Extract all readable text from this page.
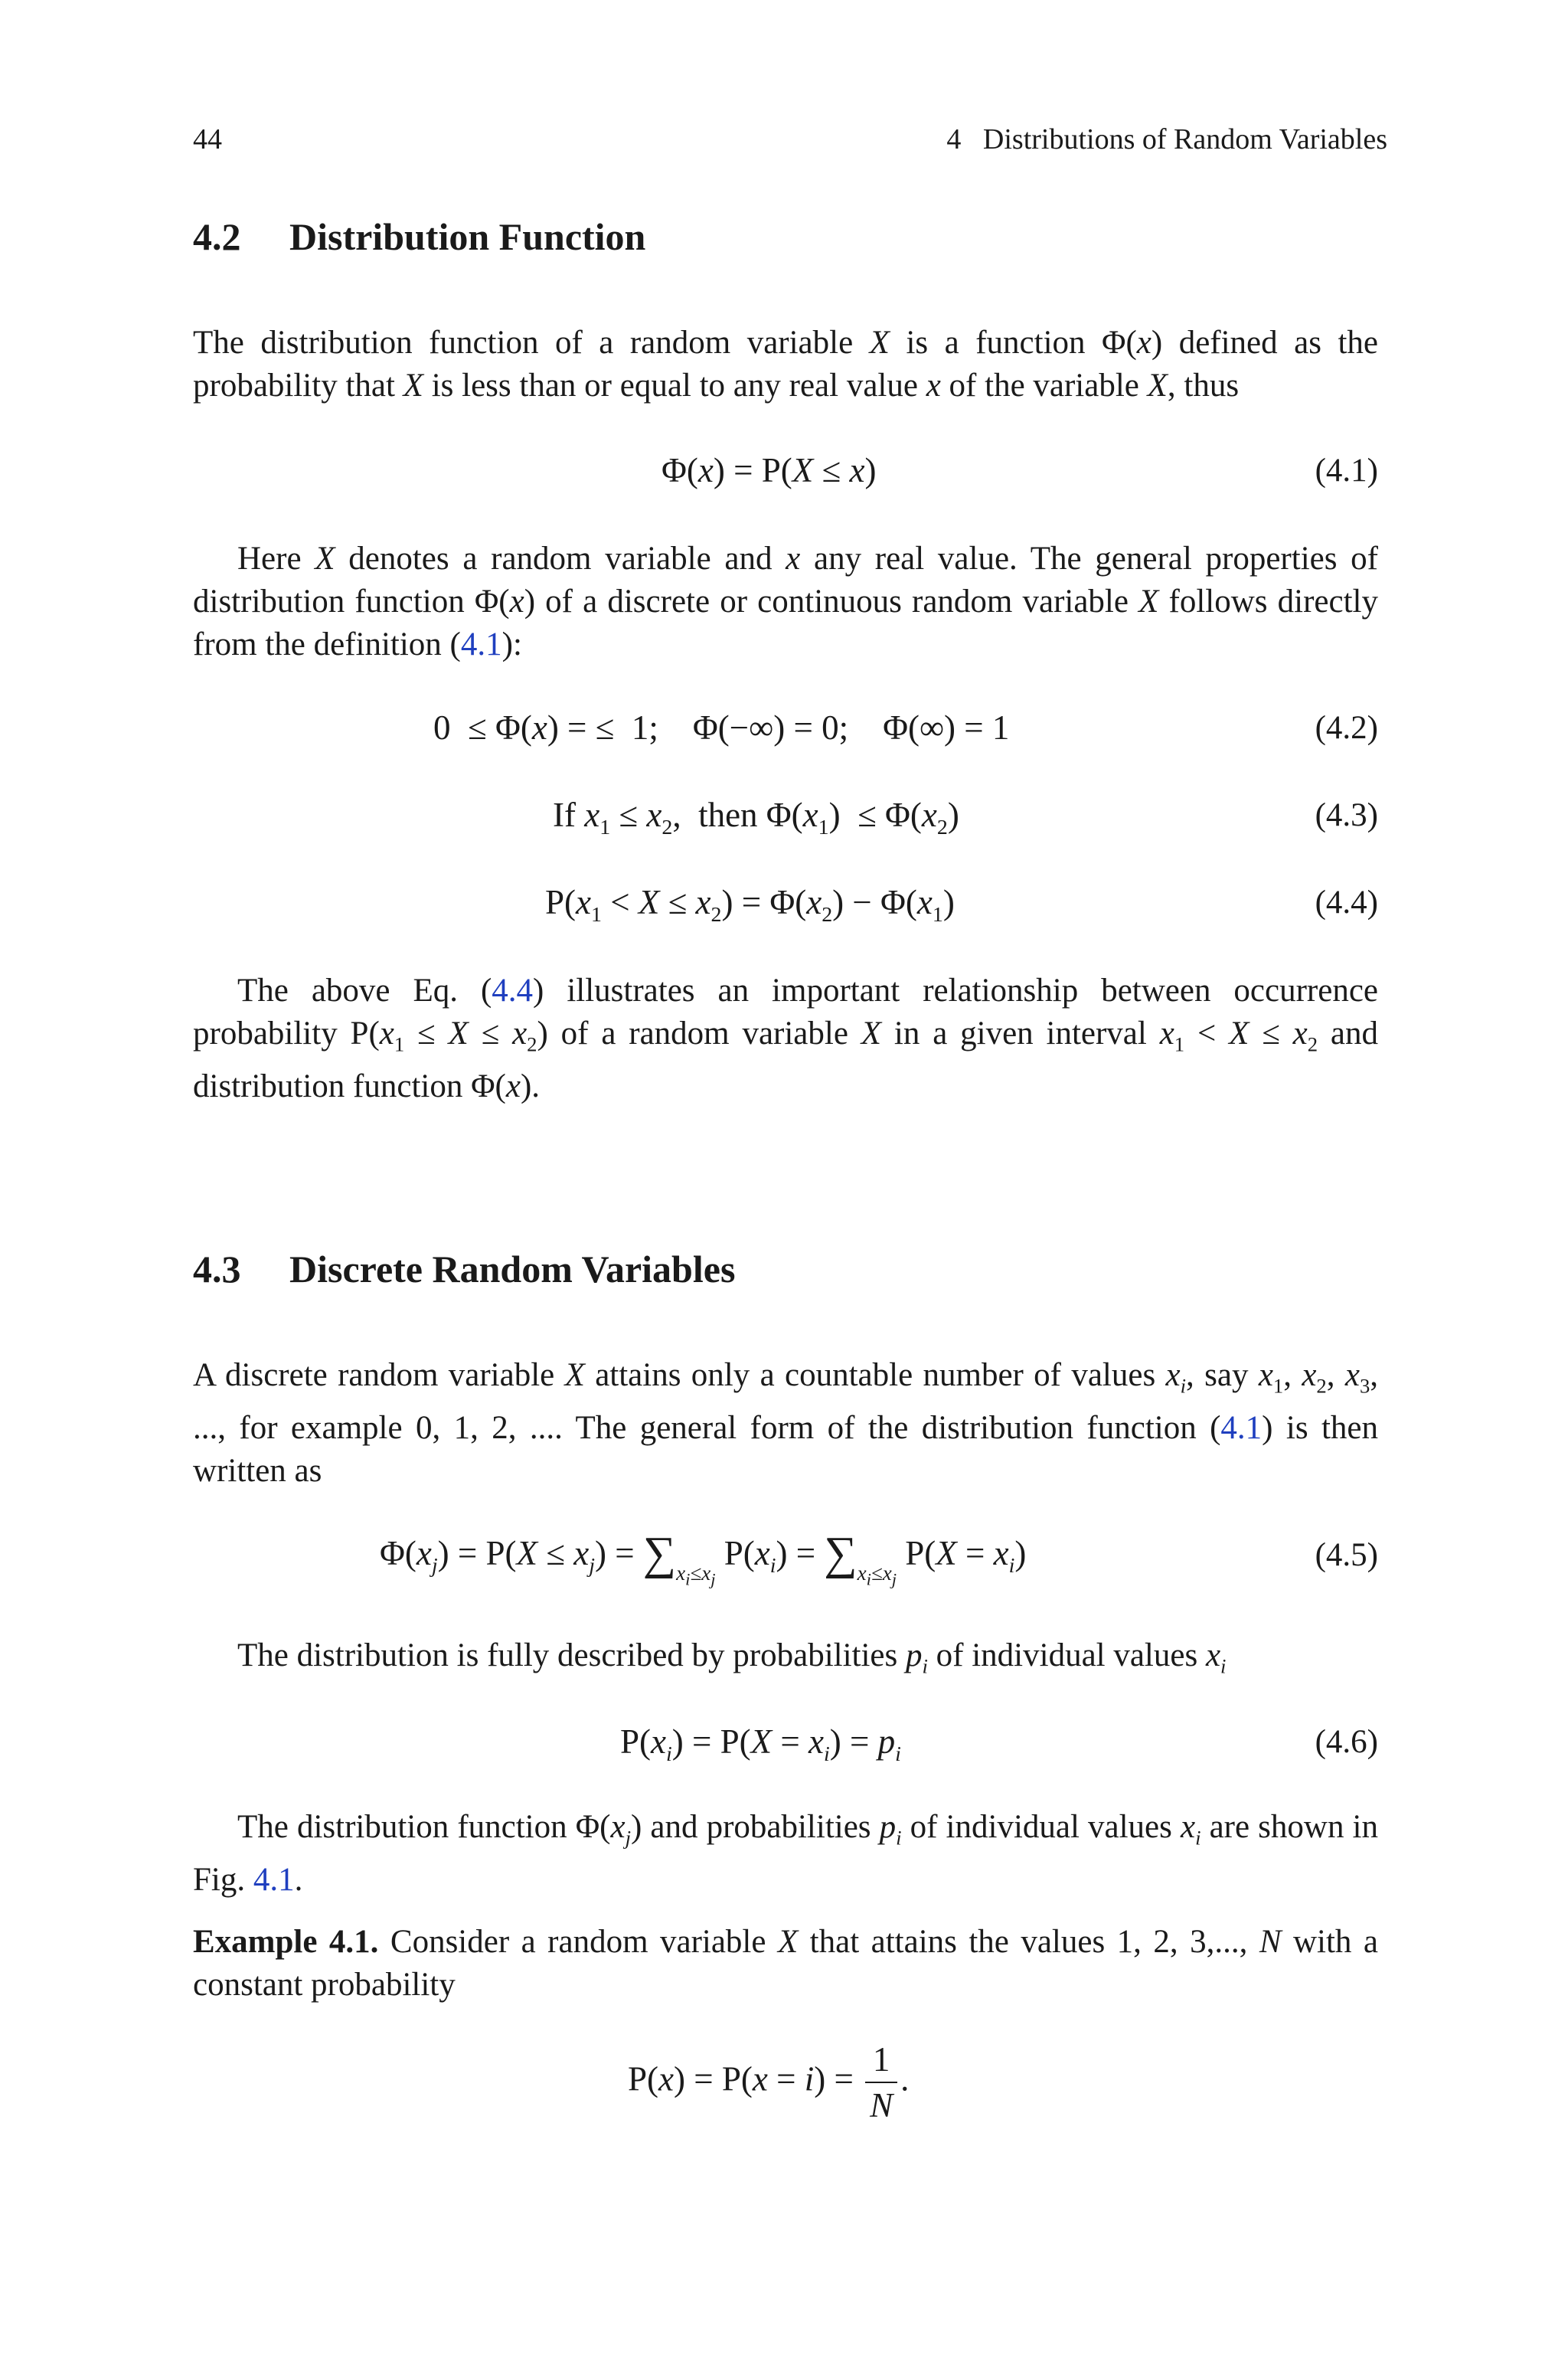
44	4 Distributions of Random Variables
4.2 Distribution Function
The distribution function of a random variable X is a function Φ(x) defined as the probability that X is less than or equal to any real value x of the variable X, thus
Φ(x) = P(X ≤ x)	(4.1)
Here X denotes a random variable and x any real value. The general properties of distribution function Φ(x) of a discrete or continuous random variable X follows directly from the definition (4.1):
0  ≤ Φ(x) = ≤  1;    Φ(−∞) = 0;    Φ(∞) = 1	(4.2)
If $x_1 \le x_2$,  then $\Phi(x_1) \le \Phi(x_2)$	(4.3)
$P(x_1 < X \le x_2) = \Phi(x_2) - \Phi(x_1)$	(4.4)
The above Eq. (4.4) illustrates an important relationship between occurrence probability $P(x_1 \le X \le x_2)$ of a random variable X in a given interval $x_1 < X \le x_2$ and distribution function Φ(x).
4.3 Discrete Random Variables
A discrete random variable X attains only a countable number of values $x_i$, say $x_1$, $x_2$, $x_3$, ..., for example 0, 1, 2, .... The general form of the distribution function (4.1) is then written as
$\Phi(x_j) = P(X \le x_j) = \sum_{x_i\le x_j}$ $P(x_i) = \sum_{x_i\le x_j}$ $P(X = x_i)$	(4.5)
The distribution is fully described by probabilities $p_i$ of individual values $x_i$
$P(x_i) = P(X = x_i) = p_i$	(4.6)
The distribution function $\Phi(x_j)$ and probabilities $p_i$ of individual values $x_i$ are shown in Fig. 4.1.
Example 4.1. Consider a random variable X that attains the values 1, 2, 3,..., N with a constant probability
$P(x) = P(x = i) = \frac{1}{N}$ .
